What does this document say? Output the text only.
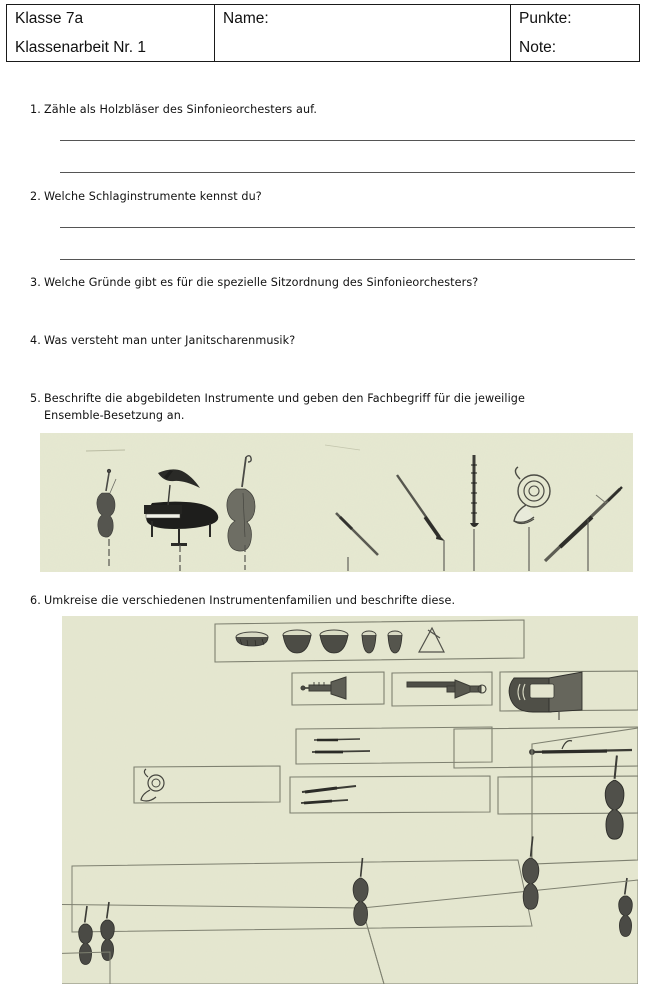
Klasse 7a
Klassenarbeit Nr. 1
Name:	Punkte:
Note:
1. Zähle als Holzbläser des Sinfonieorchesters auf.
2. Welche Schlaginstrumente kennst du?
3. Welche Gründe gibt es für die spezielle Sitzordnung des Sinfonieorchesters?
4. Was versteht man unter Janitscharenmusik?
5. Beschrifte die abgebildeten Instrumente und geben den Fachbegriff für die jeweilige
Ensemble-Besetzung an.
6. Umkreise die verschiedenen Instrumentenfamilien und beschrifte diese.
